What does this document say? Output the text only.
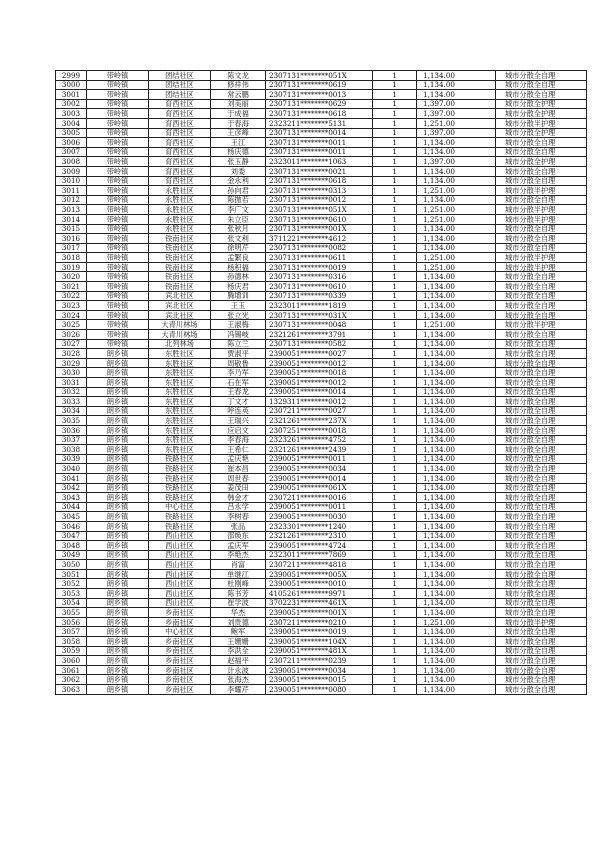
2999	带岭镇	团结社区	陈文龙	2307131********051X	1	1,134.00	城市分散全自理
3000	带岭镇	团结社区	修祥伟	2307131********0619	1	1,134.00	城市分散全自理
3001	带岭镇	团结社区	常云鹏	2307131********0013	1	1,134.00	城市分散全自理
3002	带岭镇	育西社区	刘美丽	2307131********0629	1	1,397.00	城市分散全护理
3003	带岭镇	育西社区	于成福	2307131********0618	1	1,397.00	城市分散全护理
3004	带岭镇	育西社区	于春海	2323211********5131	1	1,251.00	城市分散半护理
3005	带岭镇	育西社区	王彦峰	2307131********0014	1	1,397.00	城市分散全护理
3006	带岭镇	育西社区	王江	2307131********0011	1	1,134.00	城市分散全自理
3007	带岭镇	育西社区	杨庆德	2307131********0011	1	1,134.00	城市分散全自理
3008	带岭镇	育西社区	张玉静	2323011********1063	1	1,397.00	城市分散全护理
3009	带岭镇	育西社区	刘委	2307131********0021	1	1,134.00	城市分散全自理
3010	带岭镇	育西社区	金永利	2307131********0618	1	1,134.00	城市分散全自理
3011	带岭镇	永胜社区	孙向君	2307131********0313	1	1,251.00	城市分散半护理
3012	带岭镇	永胜社区	陈抛若	2307131********0012	1	1,134.00	城市分散全自理
3013	带岭镇	永胜社区	李广文	2307131********051X	1	1,251.00	城市分散半护理
3014	带岭镇	永胜社区	朱立臣	2307131********0610	1	1,251.00	城市分散半护理
3015	带岭镇	永胜社区	张秋月	2307131********001X	1	1,134.00	城市分散全自理
3016	带岭镇	铁南社区	张文利	3711221********4612	1	1,134.00	城市分散全自理
3017	带岭镇	铁南社区	徐明芹	2307131********0082	1	1,134.00	城市分散全自理
3018	带岭镇	铁南社区	孟繁良	2307131********0611	1	1,251.00	城市分散半护理
3019	带岭镇	铁南社区	杨积福	2307131********0019	1	1,251.00	城市分散半护理
3020	带岭镇	铁南社区	孙德林	2307131********0316	1	1,134.00	城市分散全自理
3021	带岭镇	铁南社区	杨庆君	2307131********0610	1	1,134.00	城市分散全自理
3022	带岭镇	宾北社区	腾增训	2307131********0339	1	1,134.00	城市分散全自理
3023	带岭镇	宾北社区	王玉	2323011********1819	1	1,134.00	城市分散全自理
3024	带岭镇	宾北社区	张立光	2307131********031X	1	1,134.00	城市分散全自理
3025	带岭镇	大青川林场	王淑梅	2307131********0048	1	1,251.00	城市分散半护理
3026	带岭镇	大青川林场	冯锡岐	2321261********3791	1	1,134.00	城市分散全自理
3027	带岭镇	北列林场	陈立兰	2307131********0582	1	1,134.00	城市分散全自理
3028	朗乡镇	东胜社区	贾淑平	2390051********0027	1	1,134.00	城市分散全自理
3029	朗乡镇	东胜社区	周敬鲁	2390051********0012	1	1,134.00	城市分散全自理
3030	朗乡镇	东胜社区	李乃军	2390051********0018	1	1,134.00	城市分散全自理
3031	朗乡镇	东胜社区	石在军	2390051********0012	1	1,134.00	城市分散全自理
3032	朗乡镇	东胜社区	王春龙	2390051********0014	1	1,134.00	城市分散全自理
3033	朗乡镇	东胜社区	丁文才	1329311********0012	1	1,134.00	城市分散全自理
3034	朗乡镇	东胜社区	呼连英	2307211********0027	1	1,134.00	城市分散全自理
3035	朗乡镇	东胜社区	王瑞兴	2321261********237X	1	1,134.00	城市分散全自理
3036	朗乡镇	东胜社区	应启文	2307251********0018	1	1,134.00	城市分散全自理
3037	朗乡镇	东胜社区	李春海	2323261********4752	1	1,134.00	城市分散全自理
3038	朗乡镇	东胜社区	王希仁	2321261********2439	1	1,134.00	城市分散全自理
3039	朗乡镇	铁路社区	孟庆艳	2390051********0011	1	1,134.00	城市分散全自理
3040	朗乡镇	铁路社区	崔本昌	2390051********0034	1	1,134.00	城市分散全自理
3041	朗乡镇	铁路社区	周世春	2390051********0014	1	1,134.00	城市分散全自理
3042	朗乡镇	铁路社区	姜茂田	2390051********061X	1	1,134.00	城市分散全自理
3043	朗乡镇	铁路社区	韩金才	2307211********0016	1	1,134.00	城市分散全自理
3044	朗乡镇	中心社区	吕永学	2390051********0011	1	1,134.00	城市分散全自理
3045	朗乡镇	铁路社区	李树春	2390051********0030	1	1,134.00	城市分散全自理
3046	朗乡镇	铁路社区	张品	2323301********1240	1	1,134.00	城市分散全自理
3047	朗乡镇	西山社区	邵焕东	2321261********2310	1	1,134.00	城市分散全自理
3048	朗乡镇	西山社区	孟庆军	2390051********4724	1	1,134.00	城市分散全自理
3049	朗乡镇	西山社区	李艳杰	2323011********7869	1	1,134.00	城市分散全自理
3050	朗乡镇	西山社区	肖富	2307211********4818	1	1,134.00	城市分散全自理
3051	朗乡镇	西山社区	单继江	2390051********005X	1	1,134.00	城市分散全自理
3052	朗乡镇	西山社区	杜刚峰	2390051********0010	1	1,134.00	城市分散全自理
3053	朗乡镇	西山社区	陈书芳	4105261********9971	1	1,134.00	城市分散全自理
3054	朗乡镇	西山社区	崔学波	3702231********461X	1	1,134.00	城市分散全自理
3055	朗乡镇	乡南社区	华杰	2390051********001X	1	1,134.00	城市分散全自理
3056	朗乡镇	乡南社区	刘贵德	2307211********0210	1	1,251.00	城市分散半护理
3057	朗乡镇	中心社区	鲍军	2390051********0019	1	1,134.00	城市分散全自理
3058	朗乡镇	乡南社区	王姗姗	2390051********104X	1	1,134.00	城市分散全自理
3059	朗乡镇	乡南社区	李洪全	2390051********481X	1	1,134.00	城市分散全自理
3060	朗乡镇	乡南社区	赵福平	2307211********0239	1	1,134.00	城市分散全自理
3061	朗乡镇	乡南社区	计永波	2390051********0034	1	1,134.00	城市分散全自理
3062	朗乡镇	乡南社区	张海杰	2390051********0015	1	1,134.00	城市分散全自理
3063	朗乡镇	乡南社区	李耀芹	2390051********0080	1	1,134.00	城市分散全自理
